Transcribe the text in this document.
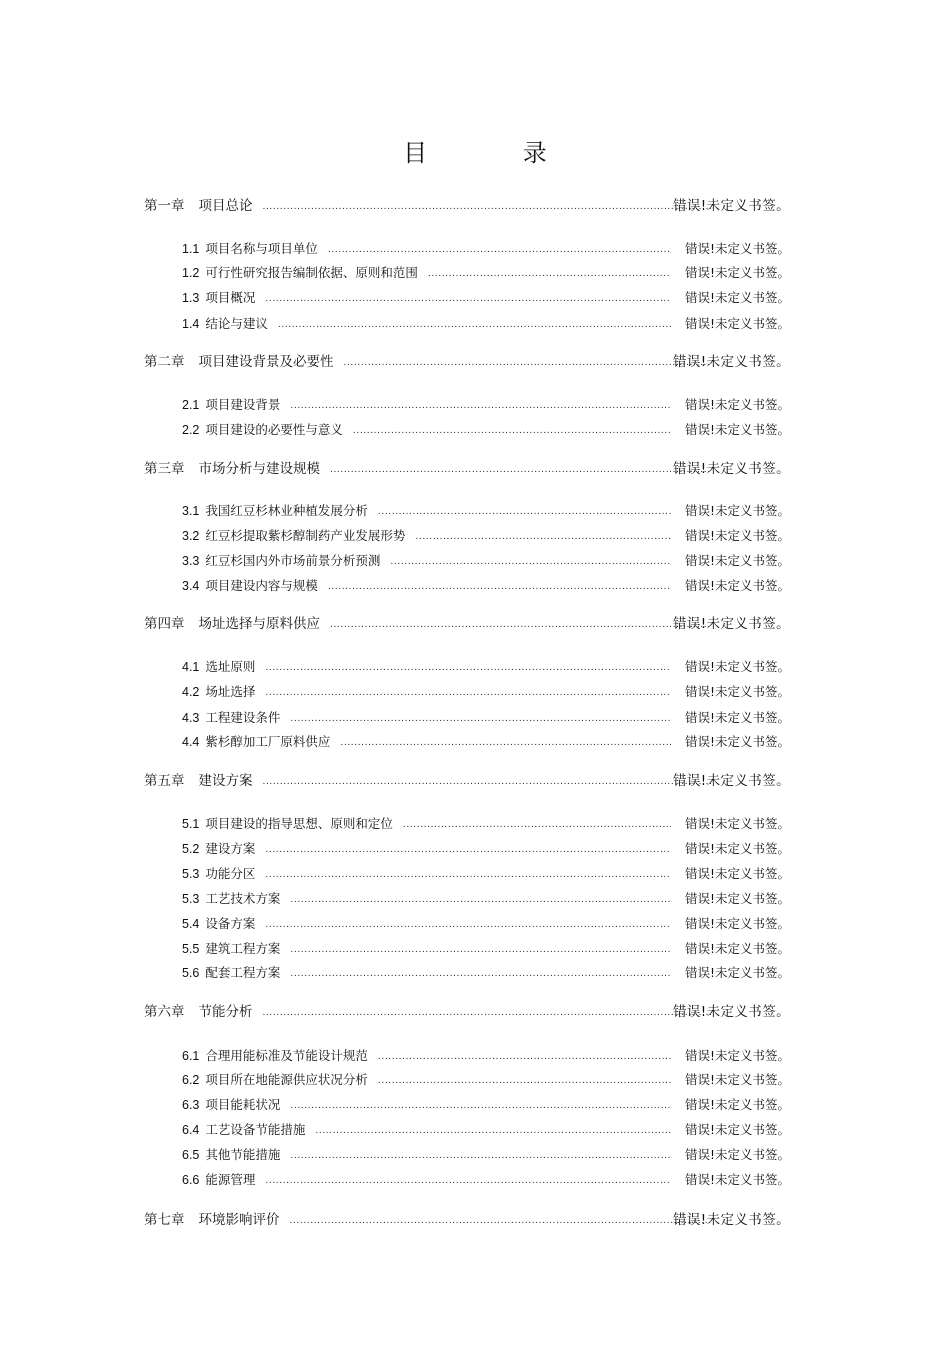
目 录
第一章 项目总论 .....	错误!未定义书签。
1.1 项目名称与项目单位 .....	错误!未定义书签。
1.2 可行性研究报告编制依据、原则和范围 .....	错误!未定义书签。
1.3 项目概况 .....	错误!未定义书签。
1.4 结论与建议 .....	错误!未定义书签。
第二章 项目建设背景及必要性 .....	错误!未定义书签。
2.1 项目建设背景 .....	错误!未定义书签。
2.2 项目建设的必要性与意义 .....	错误!未定义书签。
第三章 市场分析与建设规模 .....	错误!未定义书签。
3.1 我国红豆杉林业种植发展分析 .....	错误!未定义书签。
3.2 红豆杉提取紫杉醇制药产业发展形势 .....	错误!未定义书签。
3.3 红豆杉国内外市场前景分析预测 .....	错误!未定义书签。
3.4 项目建设内容与规模 .....	错误!未定义书签。
第四章 场址选择与原料供应 .....	错误!未定义书签。
4.1 选址原则 .....	错误!未定义书签。
4.2 场址选择 .....	错误!未定义书签。
4.3 工程建设条件 .....	错误!未定义书签。
4.4 紫杉醇加工厂原料供应 .....	错误!未定义书签。
第五章 建设方案 .....	错误!未定义书签。
5.1 项目建设的指导思想、原则和定位 .....	错误!未定义书签。
5.2 建设方案 .....	错误!未定义书签。
5.3 功能分区 .....	错误!未定义书签。
5.3 工艺技术方案 .....	错误!未定义书签。
5.4 设备方案 .....	错误!未定义书签。
5.5 建筑工程方案 .....	错误!未定义书签。
5.6 配套工程方案 .....	错误!未定义书签。
第六章 节能分析 .....	错误!未定义书签。
6.1 合理用能标准及节能设计规范 .....	错误!未定义书签。
6.2 项目所在地能源供应状况分析 .....	错误!未定义书签。
6.3 项目能耗状况 .....	错误!未定义书签。
6.4 工艺设备节能措施 .....	错误!未定义书签。
6.5 其他节能措施 .....	错误!未定义书签。
6.6 能源管理 .....	错误!未定义书签。
第七章 环境影响评价 .....	错误!未定义书签。
